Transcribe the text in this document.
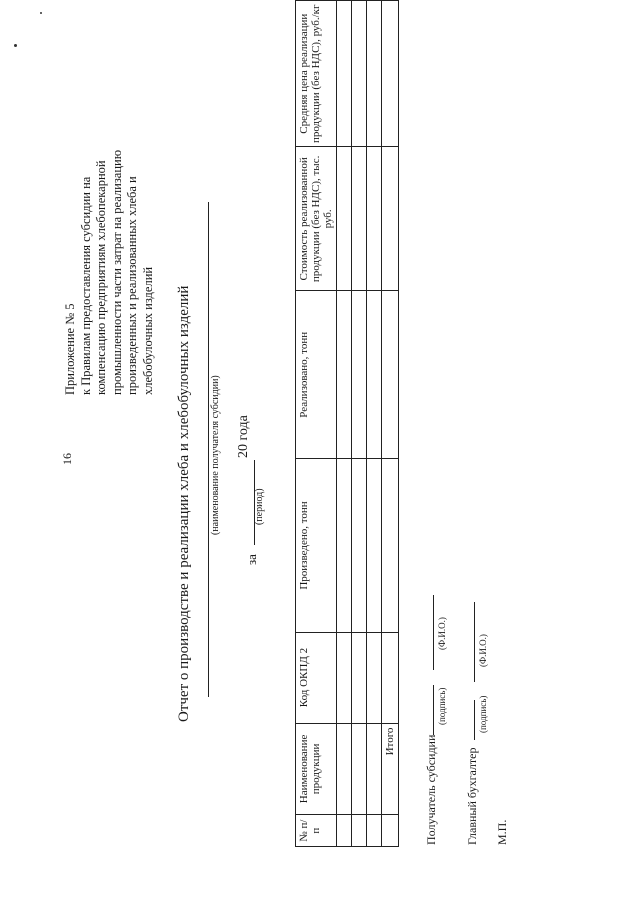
16
Приложение № 5 к Правилам предоставления субсидии на компенсацию предприятиям хлебопекарной промышленности части затрат на реализацию произведенных и реализованных хлеба и хлебобулочных изделий Отчет о производстве и реализации хлеба и хлебобулочных изделий (наименование получателя субсидии)
за
20 года
(период)
№ п/п	Наименование продукции	Код ОКПД 2	Произведено, тонн	Реализовано, тонн	Стоимость реализованной продукции (без НДС), тыс. руб.	Средняя цена реализации продукции (без НДС), руб./кг

	Итого					Получатель субсидии
(подпись)
(Ф.И.О.)
Главный бухгалтер
(подпись)
(Ф.И.О.)
М.П.
